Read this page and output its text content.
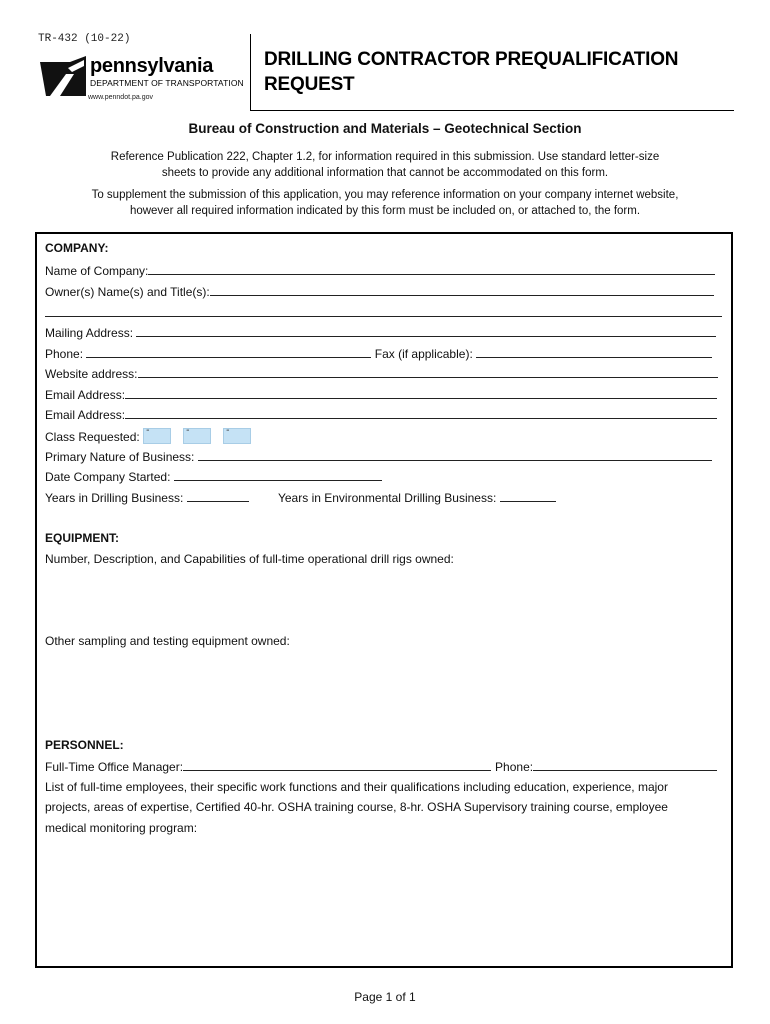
TR-432 (10-22)
pennsylvania
DEPARTMENT OF TRANSPORTATION
www.penndot.pa.gov
DRILLING CONTRACTOR PREQUALIFICATION
REQUEST
Bureau of Construction and Materials – Geotechnical Section
Reference Publication 222, Chapter 1.2, for information required in this submission. Use standard letter-size
sheets to provide any additional information that cannot be accommodated on this form.
To supplement the submission of this application, you may reference information on your company internet website,
however all required information indicated by this form must be included on, or attached to, the form.
COMPANY:
Name of Company:
Owner(s) Name(s) and Title(s):
Mailing Address:
Phone:	Fax (if applicable):
Website address:
Email Address:
Email Address:
Class Requested: -	-	-
Primary Nature of Business:
Date Company Started:
Years in Drilling Business:	Years in Environmental Drilling Business:
EQUIPMENT:
Number, Description, and Capabilities of full-time operational drill rigs owned:
Other sampling and testing equipment owned:
PERSONNEL:
Full-Time Office Manager:	Phone:
List of full-time employees, their specific work functions and their qualifications including education, experience, major
projects, areas of expertise, Certified 40-hr. OSHA training course, 8-hr. OSHA Supervisory training course, employee
medical monitoring program:
Page 1 of 1
